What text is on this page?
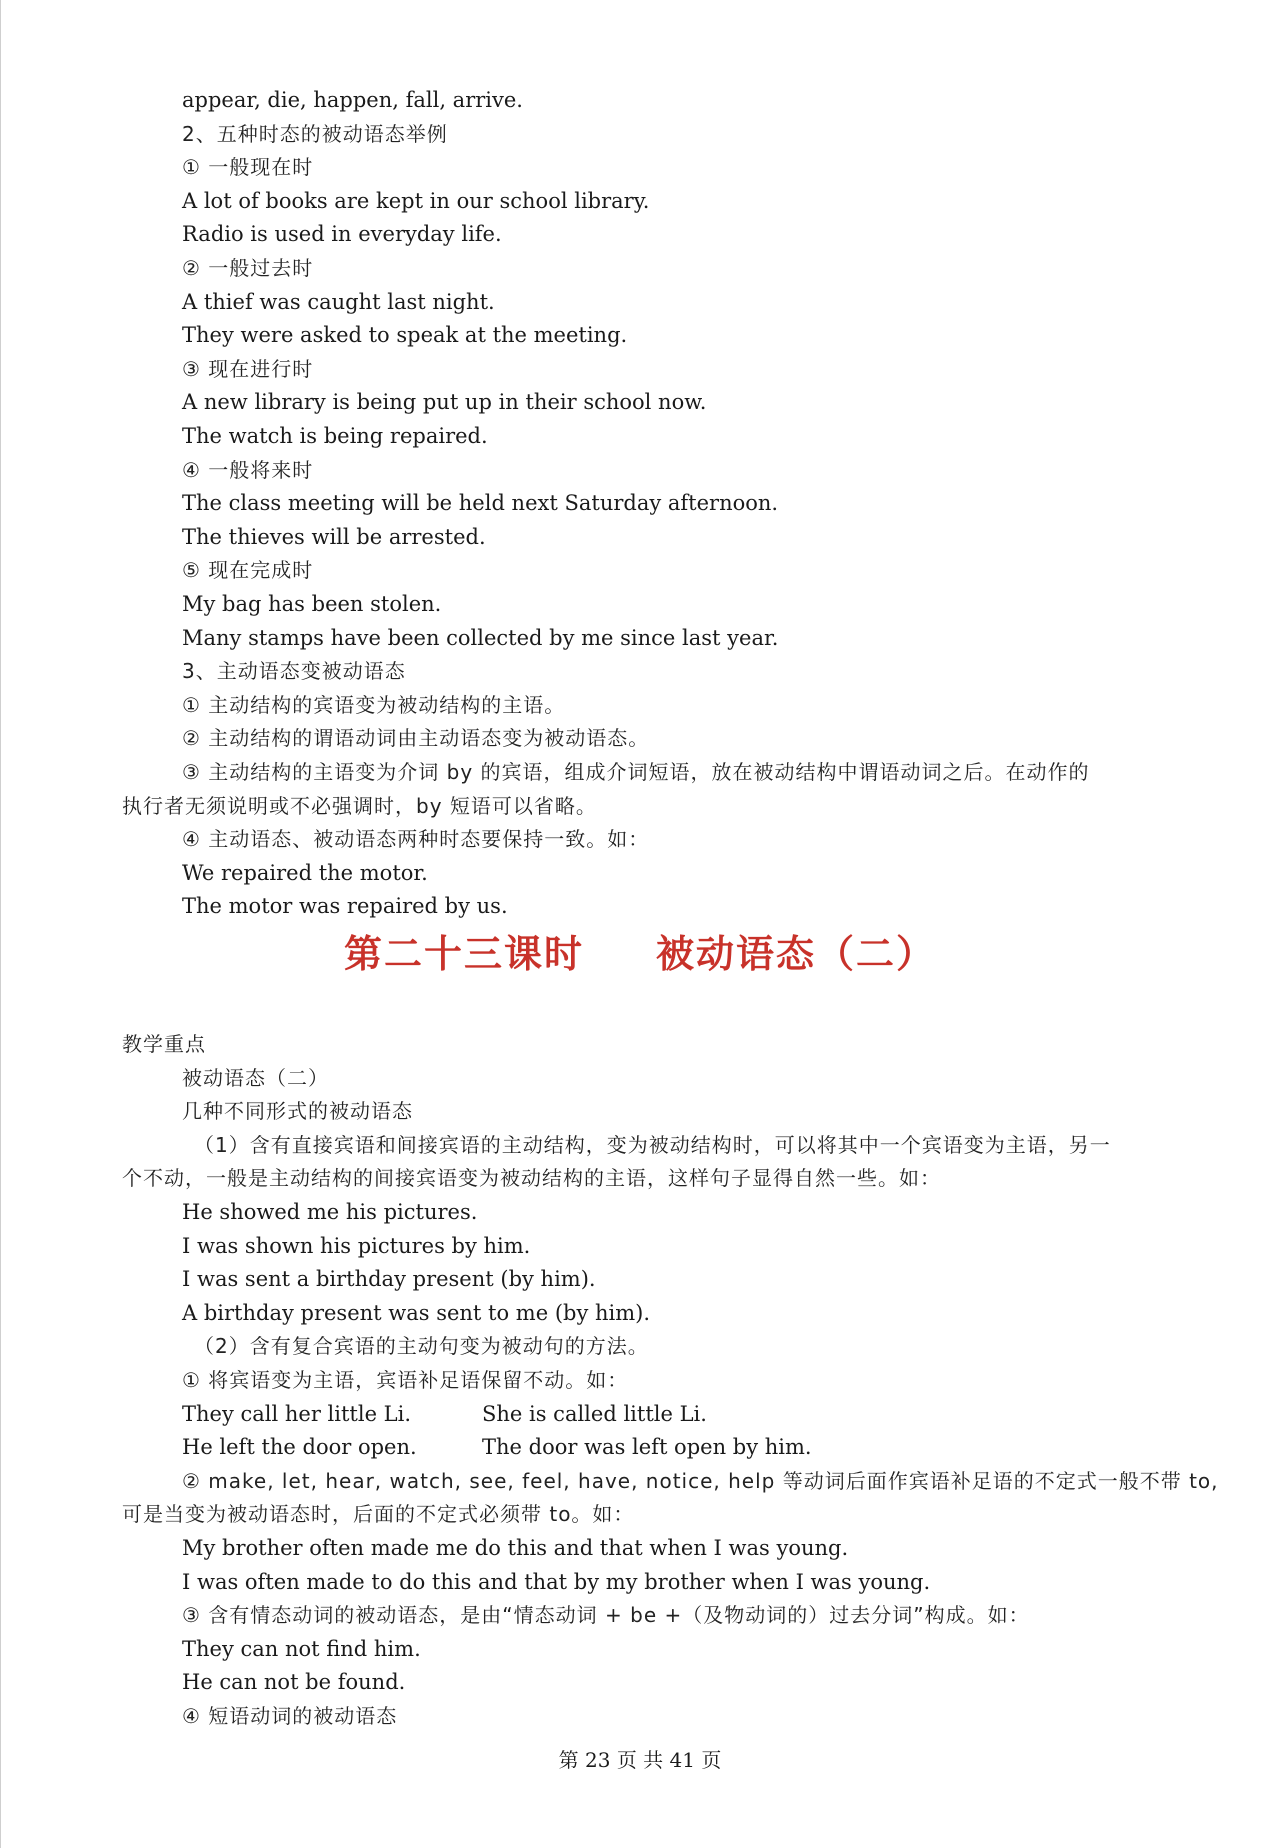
appear, die, happen, fall, arrive.
2、五种时态的被动语态举例
① 一般现在时
A lot of books are kept in our school library.
Radio is used in everyday life.
② 一般过去时
A thief was caught last night.
They were asked to speak at the meeting.
③ 现在进行时
A new library is being put up in their school now.
The watch is being repaired.
④ 一般将来时
The class meeting will be held next Saturday afternoon.
The thieves will be arrested.
⑤ 现在完成时
My bag has been stolen.
Many stamps have been collected by me since last year.
3、主动语态变被动语态
① 主动结构的宾语变为被动结构的主语。
② 主动结构的谓语动词由主动语态变为被动语态。
③ 主动结构的主语变为介词 by 的宾语，组成介词短语，放在被动结构中谓语动词之后。在动作的
执行者无须说明或不必强调时，by 短语可以省略。
④ 主动语态、被动语态两种时态要保持一致。如：
We repaired the motor.
The motor was repaired by us.
第二十三课时 被动语态（二）
教学重点
被动语态（二）
几种不同形式的被动语态
（1）含有直接宾语和间接宾语的主动结构，变为被动结构时，可以将其中一个宾语变为主语，另一
个不动，一般是主动结构的间接宾语变为被动结构的主语，这样句子显得自然一些。如：
He showed me his pictures.
I was shown his pictures by him.
I was sent a birthday present (by him).
A birthday present was sent to me (by him).
（2）含有复合宾语的主动句变为被动句的方法。
① 将宾语变为主语，宾语补足语保留不动。如：
They call her little Li.	She is called little Li.
He left the door open.	The door was left open by him.
② make, let, hear, watch, see, feel, have, notice, help 等动词后面作宾语补足语的不定式一般不带 to,
可是当变为被动语态时，后面的不定式必须带 to。如：
My brother often made me do this and that when I was young.
I was often made to do this and that by my brother when I was young.
③ 含有情态动词的被动语态，是由“情态动词 + be +（及物动词的）过去分词”构成。如：
They can not find him.
He can not be found.
④ 短语动词的被动语态
第 23 页 共 41 页
